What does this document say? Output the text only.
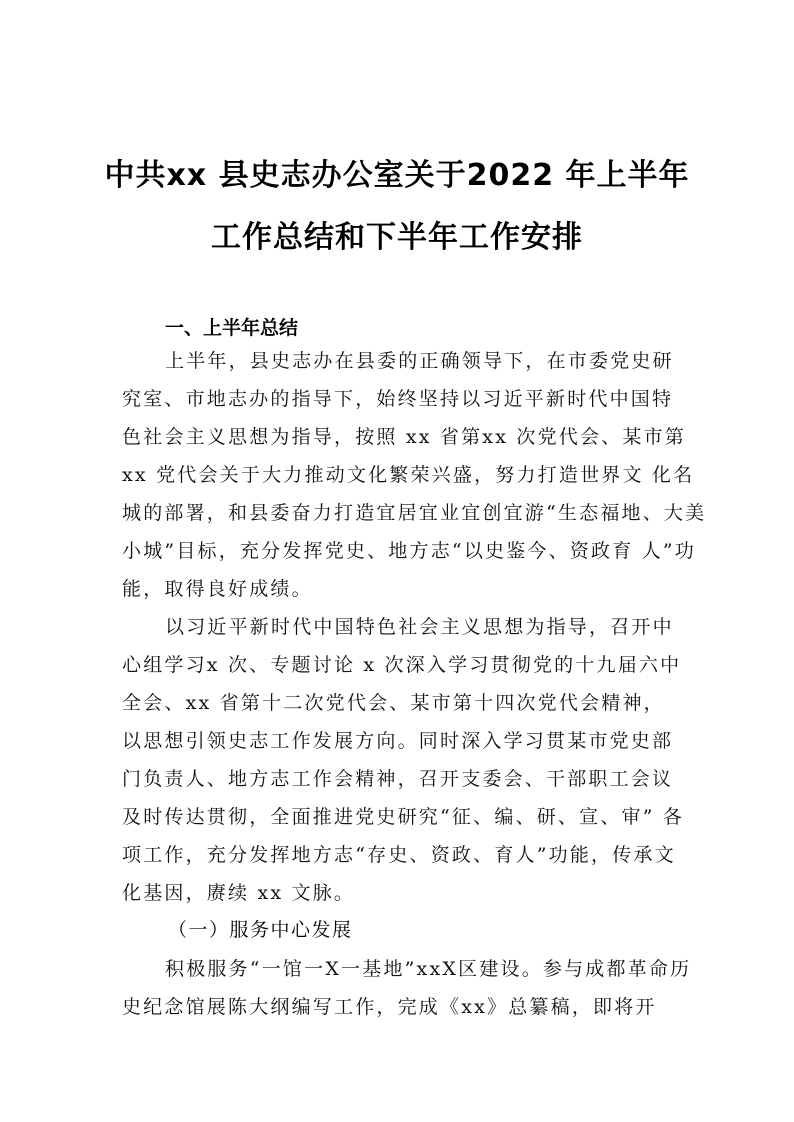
中共xx 县史志办公室关于2022 年上半年
工作总结和下半年工作安排
一、上半年总结
上半年，县史志办在县委的正确领导下，在市委党史研
究室、市地志办的指导下，始终坚持以习近平新时代中国特
色社会主义思想为指导，按照 xx 省第xx 次党代会、某市第
xx 党代会关于大力推动文化繁荣兴盛，努力打造世界文 化名
城的部署，和县委奋力打造宜居宜业宜创宜游“生态福地、大美
小城”目标，充分发挥党史、地方志“以史鉴今、资政育 人”功
能，取得良好成绩。
以习近平新时代中国特色社会主义思想为指导，召开中
心组学习x 次、专题讨论 x 次深入学习贯彻党的十九届六中
全会、xx 省第十二次党代会、某市第十四次党代会精神，
以思想引领史志工作发展方向。同时深入学习贯某市党史部
门负责人、地方志工作会精神，召开支委会、干部职工会议
及时传达贯彻，全面推进党史研究“征、编、研、宣、审” 各
项工作，充分发挥地方志“存史、资政、育人”功能，传承文
化基因，赓续 xx 文脉。
（一）服务中心发展
积极服务“一馆一X一基地”xxX区建设。参与成都革命历
史纪念馆展陈大纲编写工作，完成《xx》总纂稿，即将开
